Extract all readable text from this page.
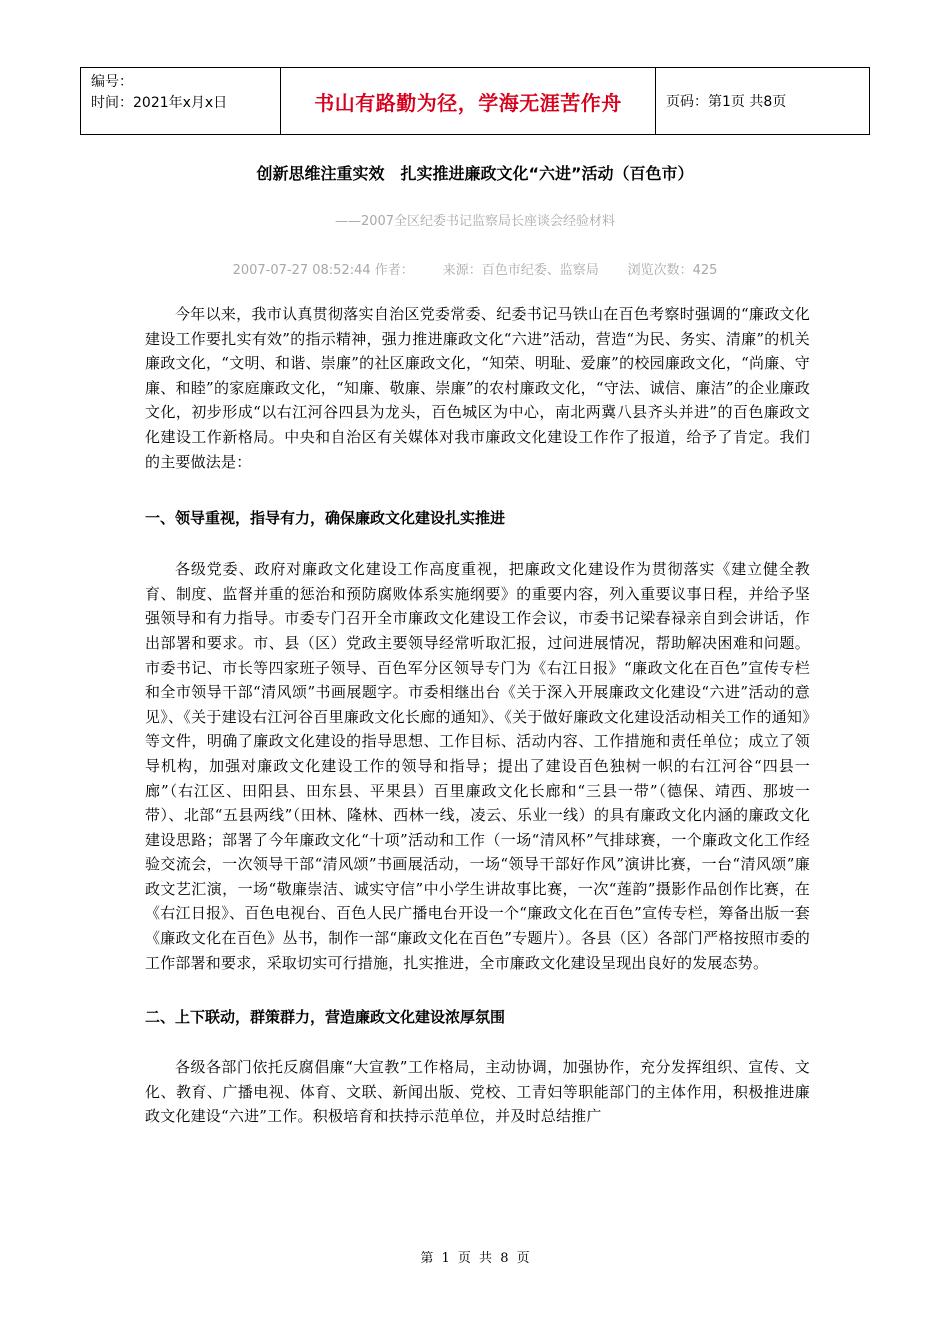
编号：
时间：2021年x月x日	书山有路勤为径，学海无涯苦作舟	页码：第1页 共8页
创新思维注重实效　扎实推进廉政文化“六进”活动（百色市）
——2007全区纪委书记监察局长座谈会经验材料
2007-07-27 08:52:44 作者：       来源：百色市纪委、监察局       浏览次数：425

今年以来，我市认真贯彻落实自治区党委常委、纪委书记马铁山在百色考察时强调的“廉政文化建设工作要扎实有效”的指示精神，强力推进廉政文化“六进”活动，营造“为民、务实、清廉”的机关廉政文化，“文明、和谐、崇廉”的社区廉政文化，“知荣、明耻、爱廉”的校园廉政文化，“尚廉、守廉、和睦”的家庭廉政文化，“知廉、敬廉、崇廉”的农村廉政文化，“守法、诚信、廉洁”的企业廉政文化，初步形成“以右江河谷四县为龙头，百色城区为中心，南北两冀八县齐头并进”的百色廉政文化建设工作新格局。中央和自治区有关媒体对我市廉政文化建设工作作了报道，给予了肯定。我们的主要做法是：

一、领导重视，指导有力，确保廉政文化建设扎实推进

各级党委、政府对廉政文化建设工作高度重视，把廉政文化建设作为贯彻落实《建立健全教育、制度、监督并重的惩治和预防腐败体系实施纲要》的重要内容，列入重要议事日程，并给予坚强领导和有力指导。市委专门召开全市廉政文化建设工作会议，市委书记梁春禄亲自到会讲话，作出部署和要求。市、县（区）党政主要领导经常听取汇报，过问进展情况，帮助解决困难和问题。市委书记、市长等四家班子领导、百色军分区领导专门为《右江日报》“廉政文化在百色”宣传专栏和全市领导干部“清风颂”书画展题字。市委相继出台《关于深入开展廉政文化建设“六进”活动的意见》、《关于建设右江河谷百里廉政文化长廊的通知》、《关于做好廉政文化建设活动相关工作的通知》等文件，明确了廉政文化建设的指导思想、工作目标、活动内容、工作措施和责任单位；成立了领导机构，加强对廉政文化建设工作的领导和指导；提出了建设百色独树一帜的右江河谷“四县一廊”（右江区、田阳县、田东县、平果县）百里廉政文化长廊和“三县一带”（德保、靖西、那坡一带）、北部“五县两线”（田林、隆林、西林一线，凌云、乐业一线）的具有廉政文化内涵的廉政文化建设思路；部署了今年廉政文化“十项”活动和工作（一场“清风杯”气排球赛，一个廉政文化工作经验交流会，一次领导干部“清风颂”书画展活动，一场“领导干部好作风”演讲比赛，一台“清风颂”廉政文艺汇演，一场“敬廉崇洁、诚实守信”中小学生讲故事比赛，一次“莲韵”摄影作品创作比赛，在《右江日报》、百色电视台、百色人民广播电台开设一个“廉政文化在百色”宣传专栏，筹备出版一套《廉政文化在百色》丛书，制作一部“廉政文化在百色”专题片）。各县（区）各部门严格按照市委的工作部署和要求，采取切实可行措施，扎实推进，全市廉政文化建设呈现出良好的发展态势。

二、上下联动，群策群力，营造廉政文化建设浓厚氛围

各级各部门依托反腐倡廉“大宣教”工作格局，主动协调，加强协作，充分发挥组织、宣传、文化、教育、广播电视、体育、文联、新闻出版、党校、工青妇等职能部门的主体作用，积极推进廉政文化建设“六进”工作。积极培育和扶持示范单位，并及时总结推广

第 1 页 共 8 页
